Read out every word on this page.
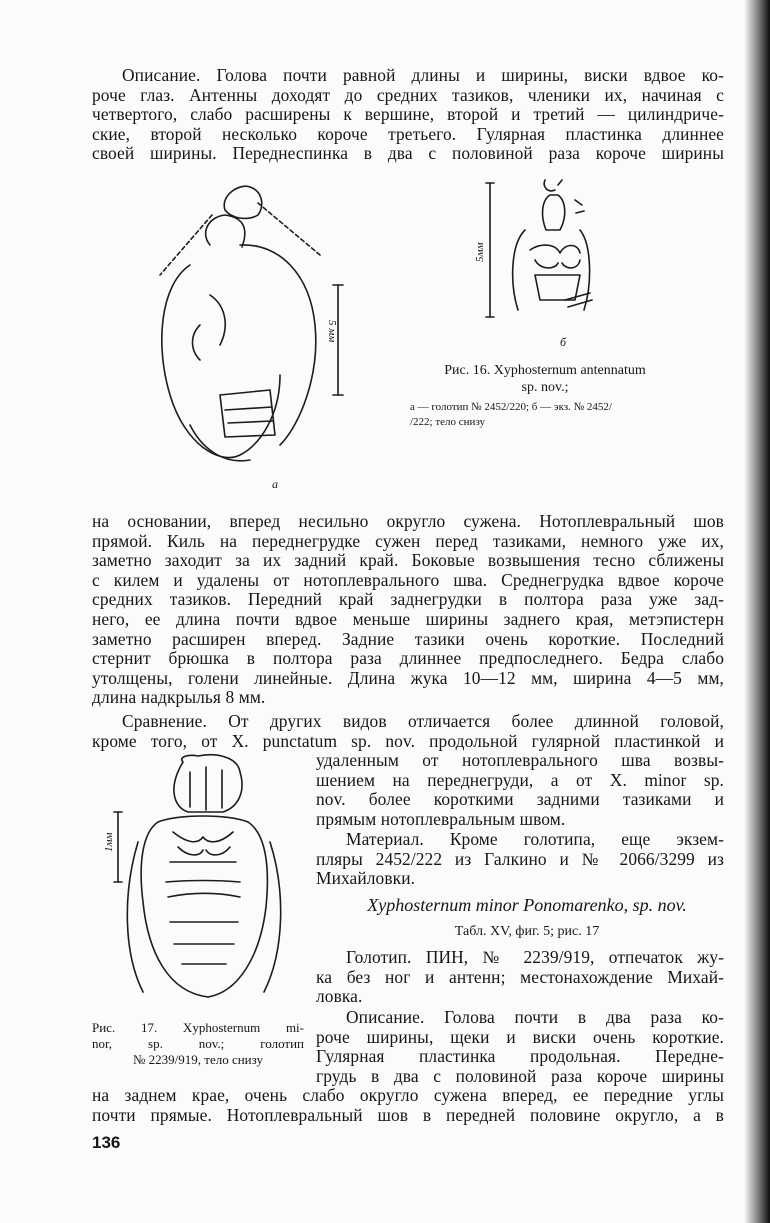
Описание. Голова почти равной длины и ширины, виски вдвое ко-
роче глаз. Антенны доходят до средних тазиков, членики их, начиная с
четвертого, слабо расширены к вершине, второй и третий — цилиндриче-
ские, второй несколько короче третьего. Гулярная пластинка длиннее
своей ширины. Переднеспинка в два с половиной раза короче ширины
5 мм
а
5мм
б
Рис. 16. Xyphosternum antennatum
sp. nov.;
а — голотип № 2452/220; б — экз. № 2452/
/222; тело снизу
на основании, вперед несильно округло сужена. Нотоплевральный шов
прямой. Киль на переднегрудке сужен перед тазиками, немного уже их,
заметно заходит за их задний край. Боковые возвышения тесно сближены
с килем и удалены от нотоплеврального шва. Среднегрудка вдвое короче
средних тазиков. Передний край заднегрудки в полтора раза уже зад-
него, ее длина почти вдвое меньше ширины заднего края, метэпистерн
заметно расширен вперед. Задние тазики очень короткие. Последний
стернит брюшка в полтора раза длиннее предпоследнего. Бедра слабо
утолщены, голени линейные. Длина жука 10—12 мм, ширина 4—5 мм,
длина надкрылья 8 мм.
Сравнение. От других видов отличается более длинной головой,
кроме того, от X. punctatum sp. nov. продольной гулярной пластинкой и
удаленным от нотоплеврального шва возвы-
шением на переднегруди, а от X. minor sp.
nov. более короткими задними тазиками и
прямым нотоплевральным швом.
Материал. Кроме голотипа, еще экзем-
пляры 2452/222 из Галкино и № 2066/3299 из
Михайловки.
Xyphosternum minor Ponomarenko, sp. nov.
Табл. XV, фиг. 5; рис. 17
Голотип. ПИН, № 2239/919, отпечаток жу-
ка без ног и антенн; местонахождение Михай-
ловка.
Описание. Голова почти в два раза ко-
роче ширины, щеки и виски очень короткие.
Гулярная пластинка продольная. Передне-
грудь в два с половиной раза короче ширины
на заднем крае, очень слабо округло сужена вперед, ее передние углы
почти прямые. Нотоплевральный шов в передней половине округло, а в
1мм
Рис. 17. Xyphosternum mi-
nor, sp. nov.; голотип
№ 2239/919, тело снизу
136
